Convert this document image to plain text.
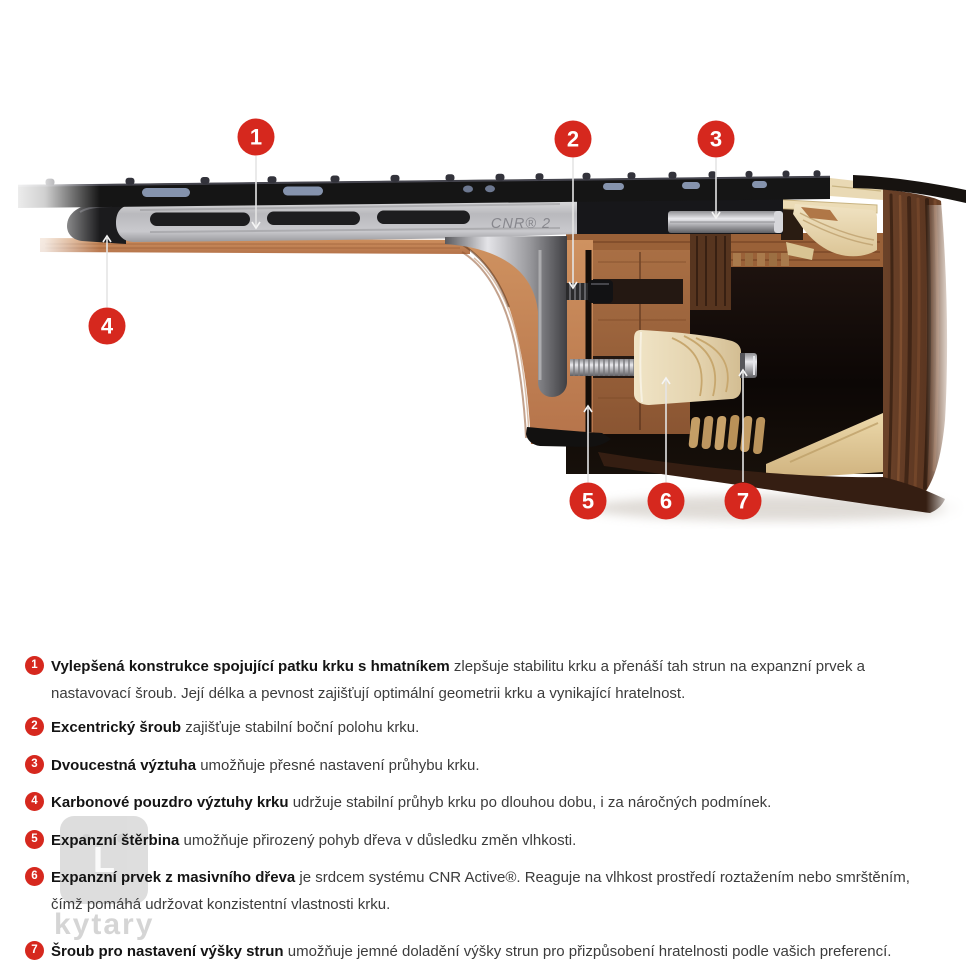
CNR® 2
1	2	3
4
5	6	7
L
kytary
1 Vylepšená konstrukce spojující patku krku s hmatníkem zlepšuje stabilitu krku a přenáší tah strun na expanzní prvek a nastavovací šroub. Její délka a pevnost zajišťují optimální geometrii krku a vynikající hratelnost.

2 Excentrický šroub zajišťuje stabilní boční polohu krku.

3 Dvoucestná výztuha umožňuje přesné nastavení průhybu krku.

4 Karbonové pouzdro výztuhy krku udržuje stabilní průhyb krku po dlouhou dobu, i za náročných podmínek.

5 Expanzní štěrbina umožňuje přirozený pohyb dřeva v důsledku změn vlhkosti.

6 Expanzní prvek z masivního dřeva je srdcem systému CNR Active®. Reaguje na vlhkost prostředí roztažením nebo smrštěním, čímž pomáhá udržovat konzistentní vlastnosti krku.

7 Šroub pro nastavení výšky strun umožňuje jemné doladění výšky strun pro přizpůsobení hratelnosti podle vašich preferencí.
